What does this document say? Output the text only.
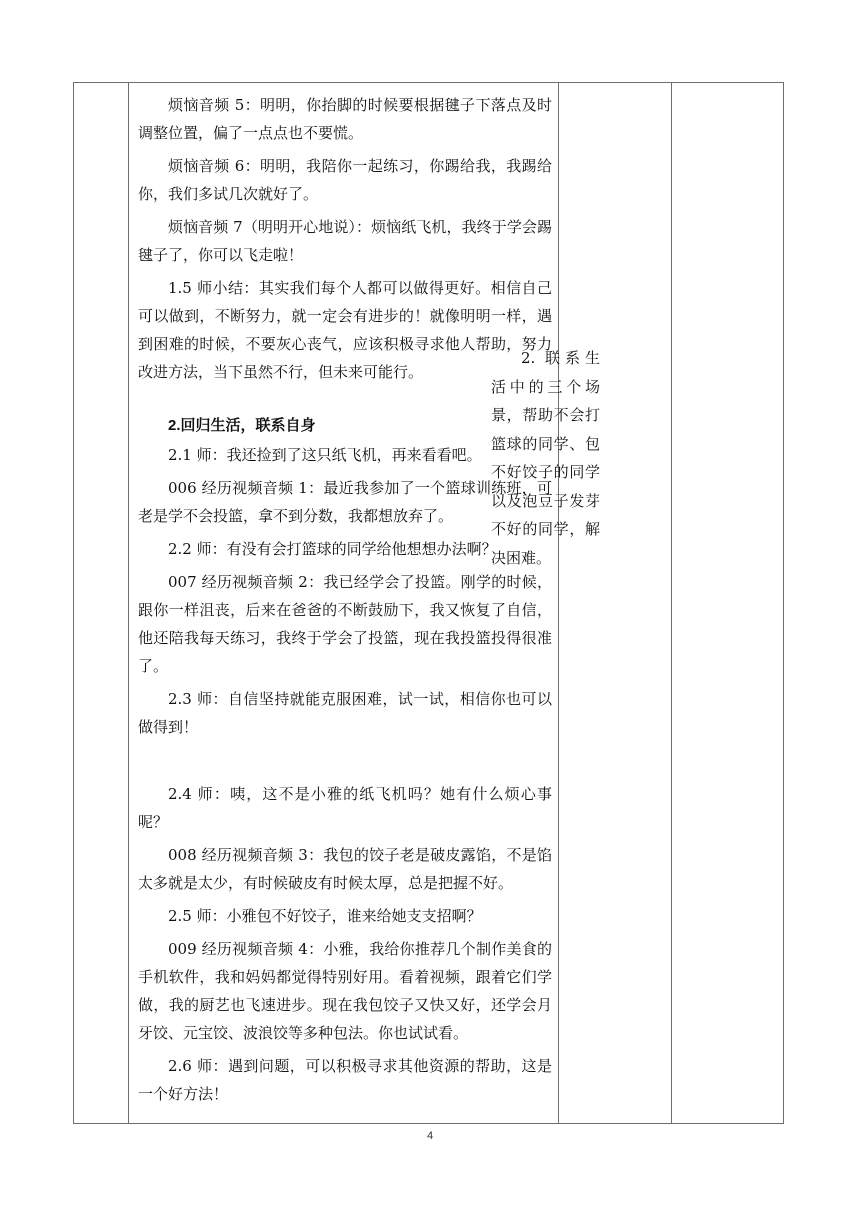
烦恼音频 5：明明，你抬脚的时候要根据毽子下落点及时调整位置，偏了一点点也不要慌。

烦恼音频 6：明明，我陪你一起练习，你踢给我，我踢给你，我们多试几次就好了。

烦恼音频 7（明明开心地说）：烦恼纸飞机，我终于学会踢毽子了，你可以飞走啦！

1.5 师小结：其实我们每个人都可以做得更好。相信自己可以做到，不断努力，就一定会有进步的！就像明明一样，遇到困难的时候，不要灰心丧气，应该积极寻求他人帮助，努力改进方法，当下虽然不行，但未来可能行。

2.回归生活，联系自身

2.1 师：我还捡到了这只纸飞机，再来看看吧。

006 经历视频音频 1：最近我参加了一个篮球训练班，可老是学不会投篮，拿不到分数，我都想放弃了。

2.2 师：有没有会打篮球的同学给他想想办法啊？

007 经历视频音频 2：我已经学会了投篮。刚学的时候，跟你一样沮丧，后来在爸爸的不断鼓励下，我又恢复了自信，他还陪我每天练习，我终于学会了投篮，现在我投篮投得很准了。

2.3 师：自信坚持就能克服困难，试一试，相信你也可以做得到！

2.4 师：咦，这不是小雅的纸飞机吗？她有什么烦心事呢？

008 经历视频音频 3：我包的饺子老是破皮露馅，不是馅太多就是太少，有时候破皮有时候太厚，总是把握不好。

2.5 师：小雅包不好饺子，谁来给她支支招啊？

009 经历视频音频 4：小雅，我给你推荐几个制作美食的手机软件，我和妈妈都觉得特别好用。看着视频，跟着它们学做，我的厨艺也飞速进步。现在我包饺子又快又好，还学会月牙饺、元宝饺、波浪饺等多种包法。你也试试看。

2.6 师：遇到问题，可以积极寻求其他资源的帮助，这是一个好方法！

2. 联系生活中的三个场景，帮助不会打篮球的同学、包不好饺子的同学以及泡豆子发芽不好的同学，解决困难。
4
